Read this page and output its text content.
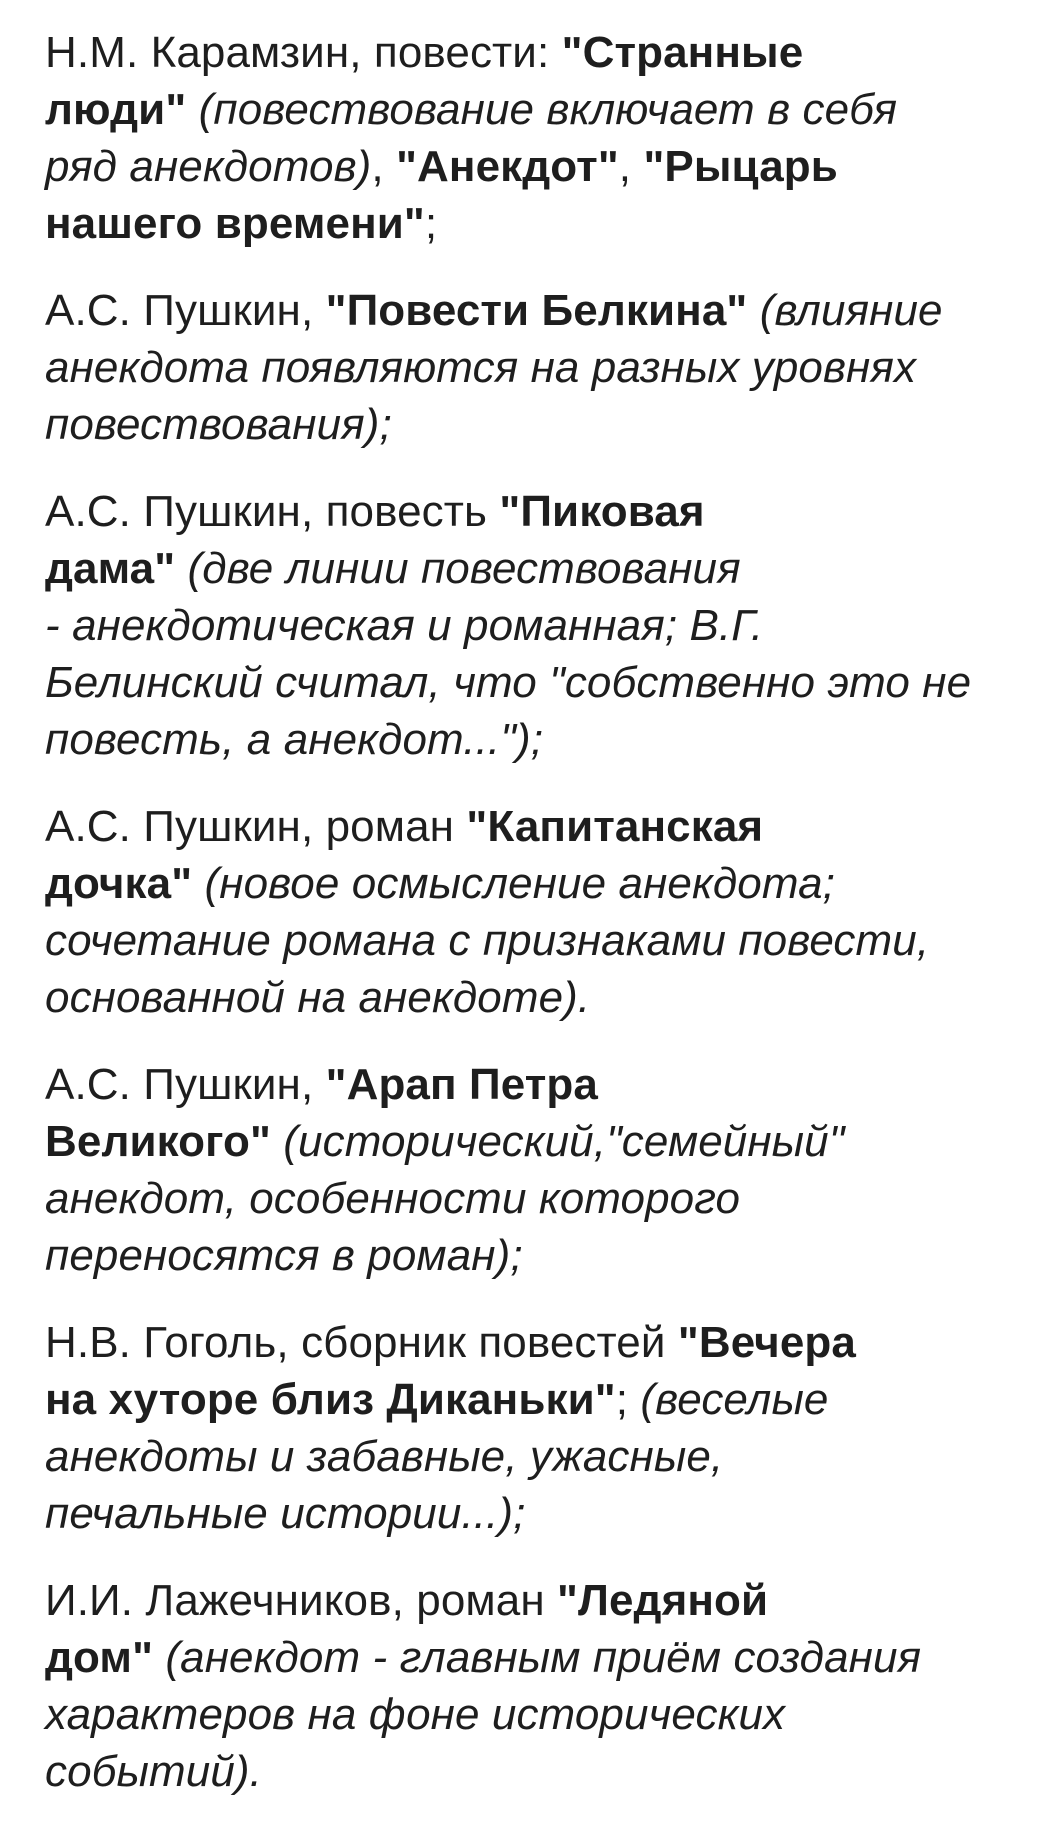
Н.М. Карамзин, повести: "Странные
люди" (повествование включает в себя
ряд анекдотов), "Анекдот", "Рыцарь
нашего времени";
А.С. Пушкин, "Повести Белкина" (влияние
анекдота появляются на разных уровнях
повествования);
А.С. Пушкин, повесть "Пиковая
дама" (две линии повествования
- анекдотическая и романная; В.Г.
Белинский считал, что "собственно это не
повесть, а анекдот...");
А.С. Пушкин, роман "Капитанская
дочка" (новое осмысление анекдота;
сочетание романа с признаками повести,
основанной на анекдоте).
А.С. Пушкин, "Арап Петра
Великого" (исторический,"семейный"
анекдот, особенности которого
переносятся в роман);
Н.В. Гоголь, сборник повестей "Вечера
на хуторе близ Диканьки"; (веселые
анекдоты и забавные, ужасные,
печальные истории...);
И.И. Лажечников, роман "Ледяной
дом" (анекдот - главным приём создания
характеров на фоне исторических
событий).
